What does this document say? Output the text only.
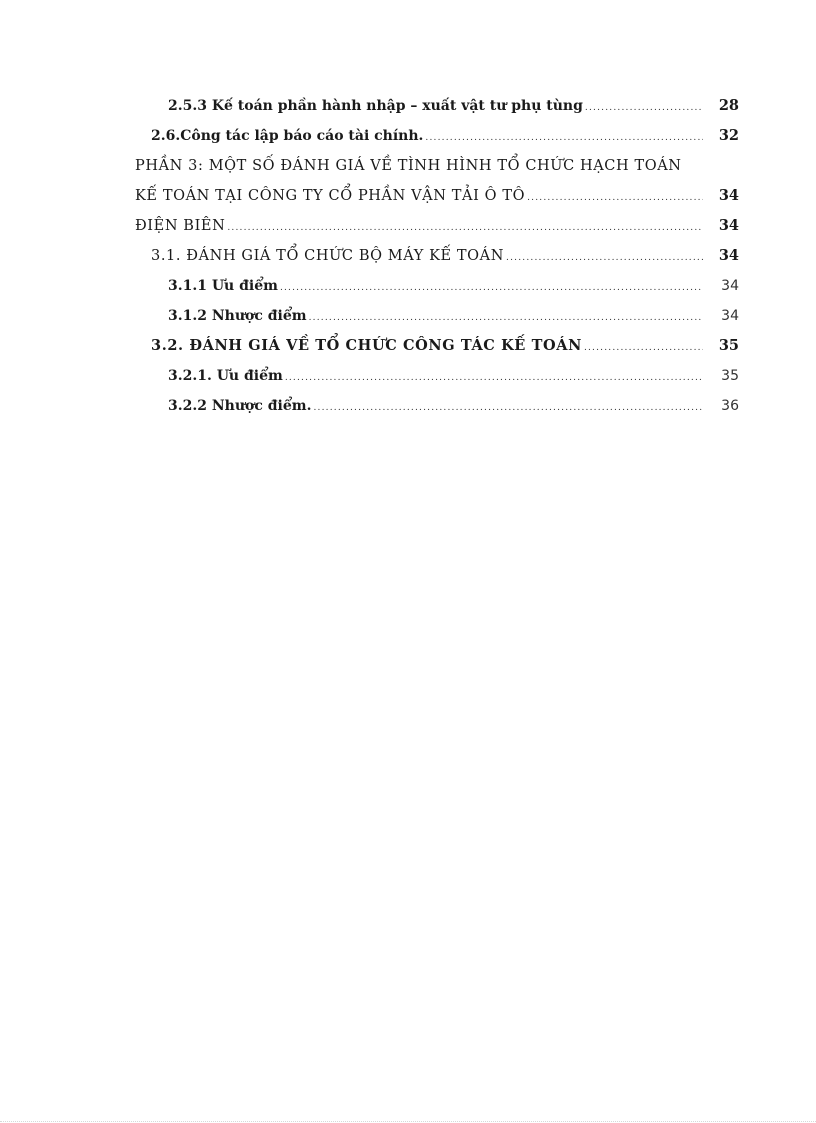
2.5.3 Kế toán phần hành nhập – xuất vật tư phụ tùng .....	28
2.6.Công tác lập báo cáo tài chính. .....	32
PHẦN 3: MỘT SỐ ĐÁNH GIÁ VỀ TÌNH HÌNH TỔ CHỨC HẠCH TOÁN
KẾ TOÁN TẠI CÔNG TY CỔ PHẦN VẬN TẢI Ô TÔ .....	34
ĐIỆN BIÊN .....	34
3.1. ĐÁNH GIÁ TỔ CHỨC BỘ MÁY KẾ TOÁN .....	34
3.1.1 Ưu điểm .....	34
3.1.2 Nhược điểm .....	34
3.2. ĐÁNH GIÁ VỀ TỔ CHỨC CÔNG TÁC KẾ TOÁN .....	35
3.2.1. Ưu điểm .....	35
3.2.2 Nhược điểm. .....	36
